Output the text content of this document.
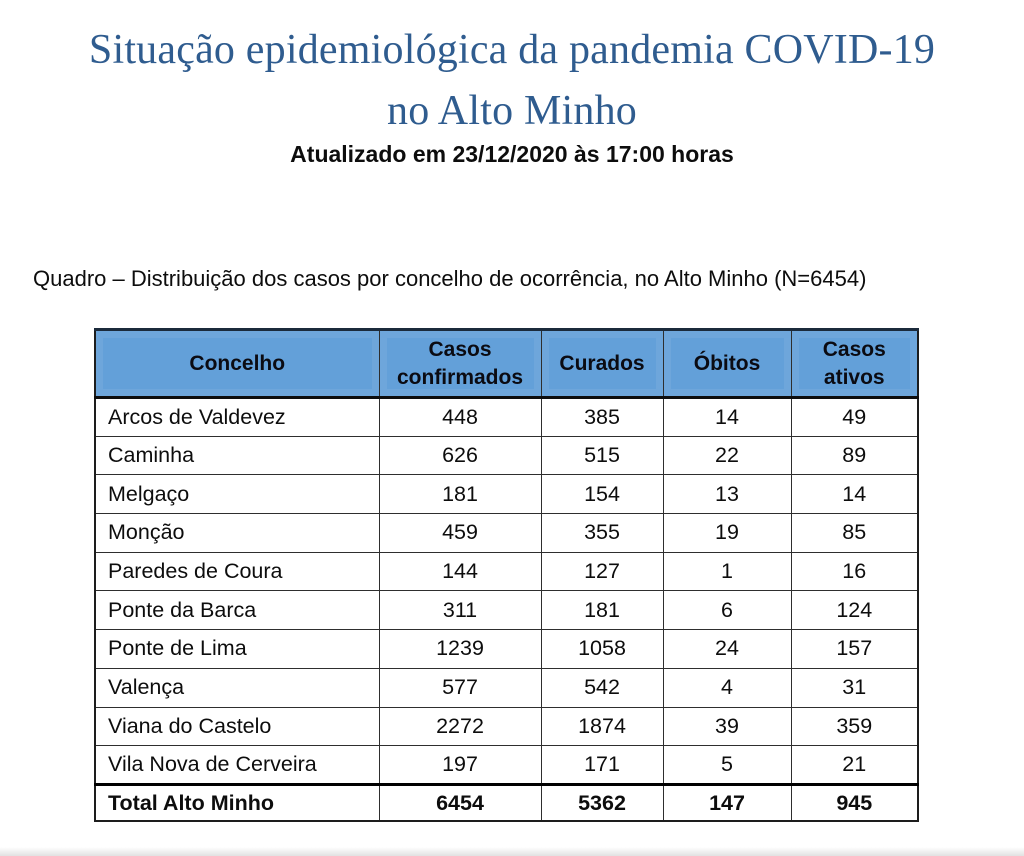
Situação epidemiológica da pandemia COVID-19
no Alto Minho
Atualizado em 23/12/2020 às 17:00 horas
Quadro – Distribuição dos casos por concelho de ocorrência, no Alto Minho (N=6454)
Concelho	Casos confirmados	Curados	Óbitos	Casos ativos
Arcos de Valdevez	448	385	14	49
Caminha	626	515	22	89
Melgaço	181	154	13	14
Monção	459	355	19	85
Paredes de Coura	144	127	1	16
Ponte da Barca	311	181	6	124
Ponte de Lima	1239	1058	24	157
Valença	577	542	4	31
Viana do Castelo	2272	1874	39	359
Vila Nova de Cerveira	197	171	5	21
Total Alto Minho	6454	5362	147	945
